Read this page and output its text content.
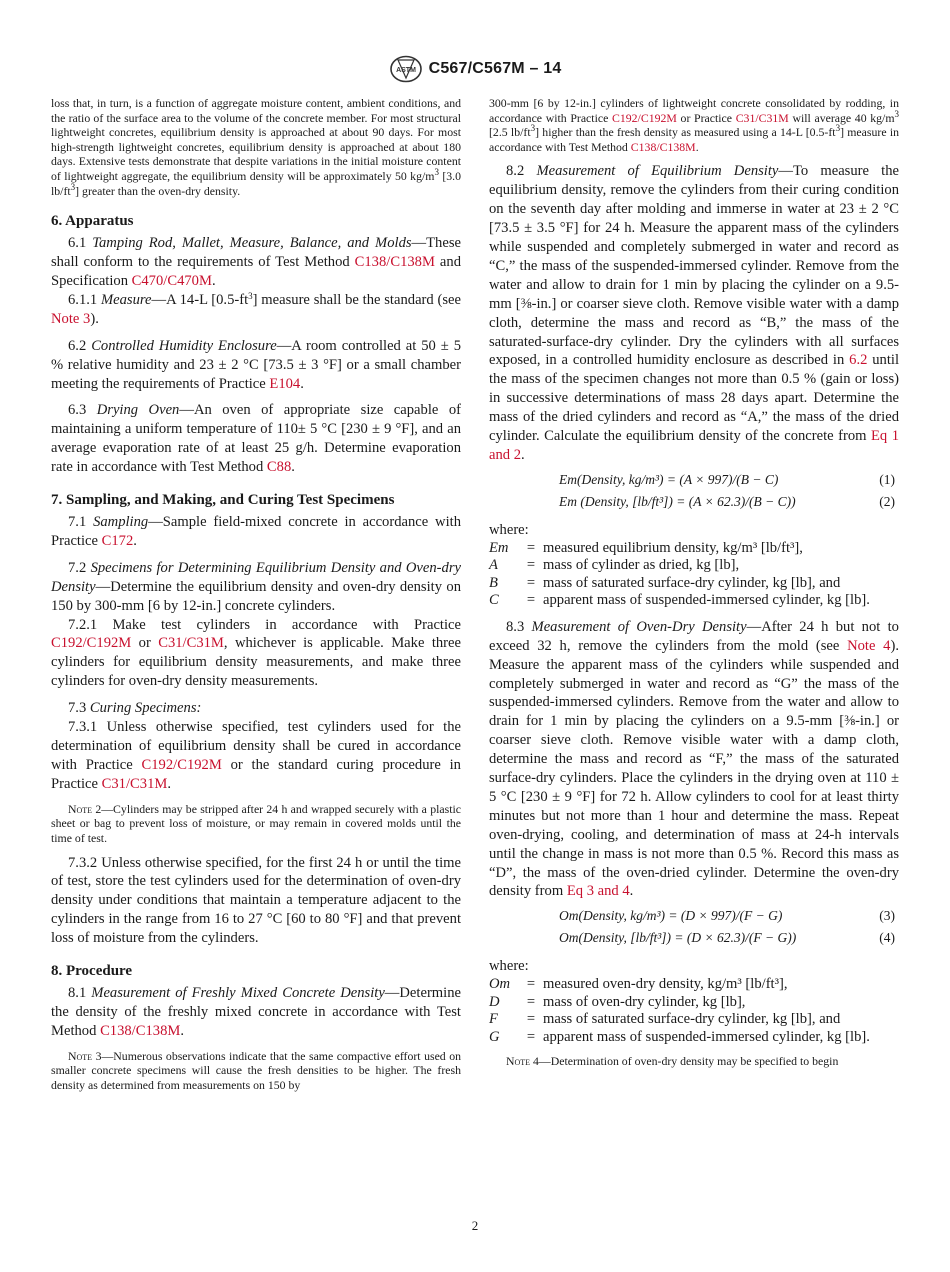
ASTM C567/C567M – 14

loss that, in turn, is a function of aggregate moisture content, ambient conditions, and the ratio of the surface area to the volume of the concrete member. For most structural lightweight concretes, equilibrium density is approached at about 90 days. For most high-strength lightweight concretes, equilibrium density is approached at about 180 days. Extensive tests demonstrate that despite variations in the initial moisture content of lightweight aggregate, the equilibrium density will be approximately 50 $kg/m^3$ [3.0 $lb/ft^3$] greater than the oven-dry density.

6. Apparatus

6.1 Tamping Rod, Mallet, Measure, Balance, and Molds—These shall conform to the requirements of Test Method C138/C138M and Specification C470/C470M.

6.1.1 Measure—A 14-L $[0.5-ft^3]$ measure shall be the standard (see Note 3).

6.2 Controlled Humidity Enclosure—A room controlled at 50 ± 5 % relative humidity and 23 ± 2 °C [73.5 ± 3 °F] or a small chamber meeting the requirements of Practice E104.

6.3 Drying Oven—An oven of appropriate size capable of maintaining a uniform temperature of 110± 5 °C [230 ± 9 °F], and an average evaporation rate of at least 25 g/h. Determine evaporation rate in accordance with Test Method C88.

7. Sampling, and Making, and Curing Test Specimens

7.1 Sampling—Sample field-mixed concrete in accordance with Practice C172.

7.2 Specimens for Determining Equilibrium Density and Oven-dry Density—Determine the equilibrium density and oven-dry density on 150 by 300-mm [6 by 12-in.] concrete cylinders.

7.2.1 Make test cylinders in accordance with Practice C192/C192M or C31/C31M, whichever is applicable. Make three cylinders for equilibrium density measurements, and make three cylinders for oven-dry density measurements.

7.3 Curing Specimens:

7.3.1 Unless otherwise specified, test cylinders used for the determination of equilibrium density shall be cured in accordance with Practice C192/C192M or the standard curing procedure in Practice C31/C31M.

Note 2—Cylinders may be stripped after 24 h and wrapped securely with a plastic sheet or bag to prevent loss of moisture, or may remain in covered molds until the time of test.

7.3.2 Unless otherwise specified, for the first 24 h or until the time of test, store the test cylinders used for the determination of oven-dry density under conditions that maintain a temperature adjacent to the cylinders in the range from 16 to 27 °C [60 to 80 °F] and that prevent loss of moisture from the cylinders.

8. Procedure

8.1 Measurement of Freshly Mixed Concrete Density—Determine the density of the freshly mixed concrete in accordance with Test Method C138/C138M.

Note 3—Numerous observations indicate that the same compactive effort used on smaller concrete specimens will cause the fresh densities to be higher. The fresh density as determined from measurements on 150 by

300-mm [6 by 12-in.] cylinders of lightweight concrete consolidated by rodding, in accordance with Practice C192/C192M or Practice C31/C31M will average 40 $kg/m^3$ [2.5 $lb/ft^3$] higher than the fresh density as measured using a 14-L $[0.5-ft^3]$ measure in accordance with Test Method C138/C138M.

8.2 Measurement of Equilibrium Density—To measure the equilibrium density, remove the cylinders from their curing condition on the seventh day after molding and immerse in water at 23 ± 2 °C [73.5 ± 3.5 °F] for 24 h. Measure the apparent mass of the cylinders while suspended and completely submerged in water and record as “C,” the mass of the suspended-immersed cylinder. Remove from the water and allow to drain for 1 min by placing the cylinder on a 9.5-mm [⅜-in.] or coarser sieve cloth. Remove visible water with a damp cloth, determine the mass and record as “B,” the mass of the saturated-surface-dry cylinder. Dry the cylinders with all surfaces exposed, in a controlled humidity enclosure as described in 6.2 until the mass of the specimen changes not more than 0.5 % (gain or loss) in successive determinations of mass 28 days apart. Determine the mass of the dried cylinders and record as “A,” the mass of the dried cylinder. Calculate the equilibrium density of the concrete from Eq 1 and 2.

Em(Density, kg/m³) = (A × 997)/(B − C)	(1)
Em (Density, [lb/ft³]) = (A × 62.3)/(B − C))	(2)
where:
Em	=	measured equilibrium density, kg/m³ [lb/ft³],
A	=	mass of cylinder as dried, kg [lb],
B	=	mass of saturated surface-dry cylinder, kg [lb], and
C	=	apparent mass of suspended-immersed cylinder, kg [lb].

8.3 Measurement of Oven-Dry Density—After 24 h but not to exceed 32 h, remove the cylinders from the mold (see Note 4). Measure the apparent mass of the cylinders while suspended and completely submerged in water and record as “G” the mass of the suspended-immersed cylinders. Remove from the water and allow to drain for 1 min by placing the cylinders on a 9.5-mm [⅜-in.] or coarser sieve cloth. Remove visible water with a damp cloth, determine the mass and record as “F,” the mass of the saturated surface-dry cylinders. Place the cylinders in the drying oven at 110 ± 5 °C [230 ± 9 °F] for 72 h. Allow cylinders to cool for at least thirty minutes but not more than 1 hour and determine the mass. Repeat oven-drying, cooling, and determination of mass at 24-h intervals until the change in mass is not more than 0.5 %. Record this mass as “D”, the mass of the oven-dried cylinder. Determine the oven-dry density from Eq 3 and 4.

Om(Density, kg/m³) = (D × 997)/(F − G)	(3)
Om(Density, [lb/ft³]) = (D × 62.3)/(F − G))	(4)
where:
Om	=	measured oven-dry density, kg/m³ [lb/ft³],
D	=	mass of oven-dry cylinder, kg [lb],
F	=	mass of saturated surface-dry cylinder, kg [lb], and
G	=	apparent mass of suspended-immersed cylinder, kg [lb].

Note 4—Determination of oven-dry density may be specified to begin

2
